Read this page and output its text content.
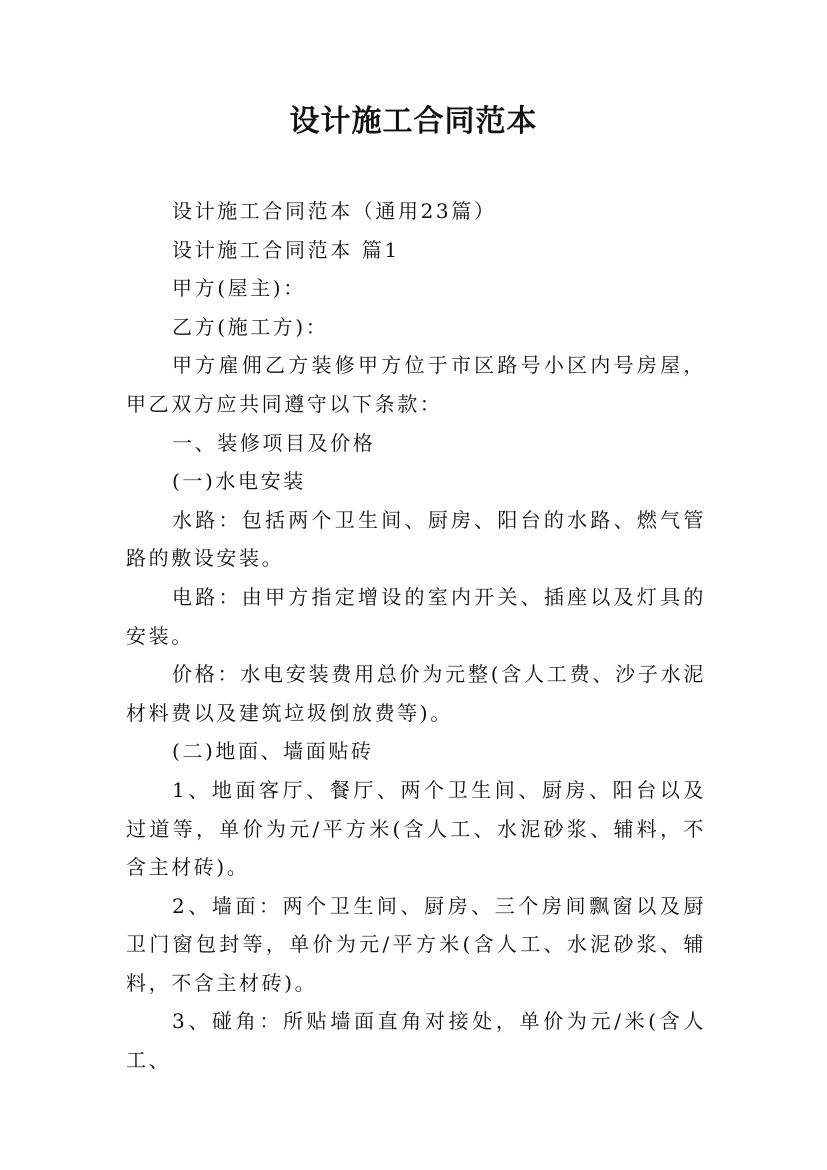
设计施工合同范本

设计施工合同范本（通用23篇）

设计施工合同范本 篇1

甲方(屋主)：

乙方(施工方)：

甲方雇佣乙方装修甲方位于市区路号小区内号房屋，甲乙双方应共同遵守以下条款：

一、装修项目及价格

(一)水电安装

水路：包括两个卫生间、厨房、阳台的水路、燃气管路的敷设安装。

电路：由甲方指定增设的室内开关、插座以及灯具的安装。

价格：水电安装费用总价为元整(含人工费、沙子水泥材料费以及建筑垃圾倒放费等)。

(二)地面、墙面贴砖

1、地面客厅、餐厅、两个卫生间、厨房、阳台以及过道等，单价为元/平方米(含人工、水泥砂浆、辅料，不含主材砖)。

2、墙面：两个卫生间、厨房、三个房间飘窗以及厨卫门窗包封等，单价为元/平方米(含人工、水泥砂浆、辅料，不含主材砖)。

3、碰角：所贴墙面直角对接处，单价为元/米(含人工、
